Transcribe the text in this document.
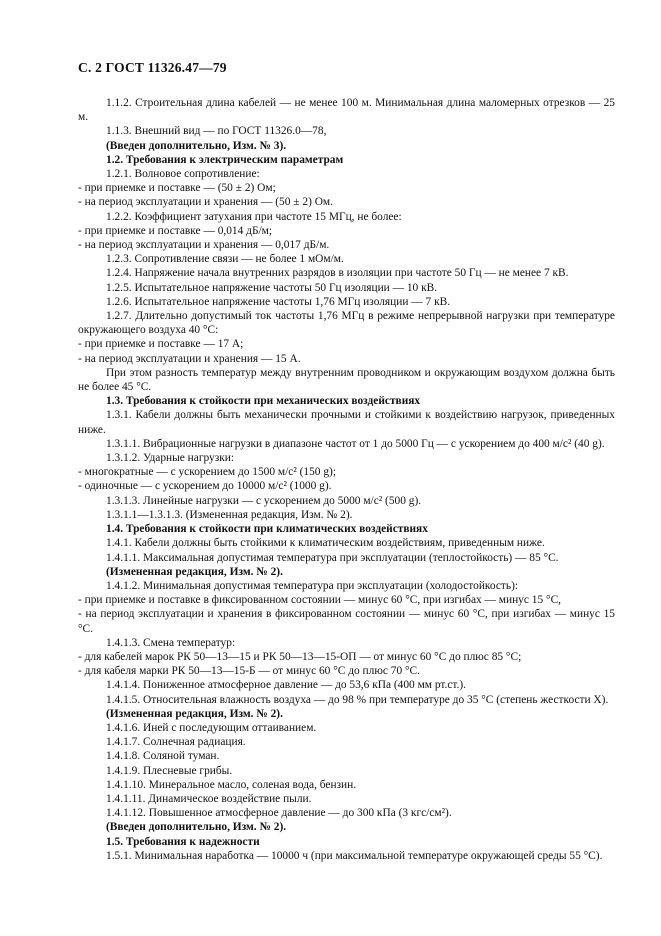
С. 2 ГОСТ 11326.47—79

1.1.2. Строительная длина кабелей — не менее 100 м. Минимальная длина маломерных отрезков — 25 м.

1.1.3. Внешний вид — по ГОСТ 11326.0—78,

(Введен дополнительно, Изм. № 3).

1.2. Требования к электрическим параметрам

1.2.1. Волновое сопротивление:

- при приемке и поставке — (50 ± 2) Ом;

- на период эксплуатации и хранения — (50 ± 2) Ом.

1.2.2. Коэффициент затухания при частоте 15 МГц, не более:

- при приемке и поставке — 0,014 дБ/м;

- на период эксплуатации и хранения — 0,017 дБ/м.

1.2.3. Сопротивление связи — не более 1 мОм/м.

1.2.4. Напряжение начала внутренних разрядов в изоляции при частоте 50 Гц — не менее 7 кВ.

1.2.5. Испытательное напряжение частоты 50 Гц изоляции — 10 кВ.

1.2.6. Испытательное напряжение частоты 1,76 МГц изоляции — 7 кВ.

1.2.7. Длительно допустимый ток частоты 1,76 МГц в режиме непрерывной нагрузки при температуре окружающего воздуха 40 °С:

- при приемке и поставке — 17 А;

- на период эксплуатации и хранения — 15 А.

При этом разность температур между внутренним проводником и окружающим воздухом должна быть не более 45 °С.

1.3. Требования к стойкости при механических воздействиях

1.3.1. Кабели должны быть механически прочными и стойкими к воздействию нагрузок, приведенных ниже.

1.3.1.1. Вибрационные нагрузки в диапазоне частот от 1 до 5000 Гц — с ускорением до 400 м/с² (40 g).

1.3.1.2. Ударные нагрузки:

- многократные — с ускорением до 1500 м/с² (150 g);

- одиночные — с ускорением до 10000 м/с² (1000 g).

1.3.1.3. Линейные нагрузки — с ускорением до 5000 м/с² (500 g).

1.3.1.1—1.3.1.3. (Измененная редакция, Изм. № 2).

1.4. Требования к стойкости при климатических воздействиях

1.4.1. Кабели должны быть стойкими к климатическим воздействиям, приведенным ниже.

1.4.1.1. Максимальная допустимая температура при эксплуатации (теплостойкость) — 85 °С.

(Измененная редакция, Изм. № 2).

1.4.1.2. Минимальная допустимая температура при эксплуатации (холодостойкость):

- при приемке и поставке в фиксированном состоянии — минус 60 °С, при изгибах — минус 15 °С,

- на период эксплуатации и хранения в фиксированном состоянии — минус 60 °С, при изгибах — минус 15 °С.

1.4.1.3. Смена температур:

- для кабелей марок РК 50—13—15 и РК 50—13—15-ОП — от минус 60 °С до плюс 85 °С;

- для кабеля марки РК 50—13—15-Б — от минус 60 °С до плюс 70 °С.

1.4.1.4. Пониженное атмосферное давление — до 53,6 кПа (400 мм рт.ст.).

1.4.1.5. Относительная влажность воздуха — до 98 % при температуре до 35 °С (степень жесткости X).

(Измененная редакция, Изм. № 2).

1.4.1.6. Иней с последующим оттаиванием.

1.4.1.7. Солнечная радиация.

1.4.1.8. Соляной туман.

1.4.1.9. Плесневые грибы.

1.4.1.10. Минеральное масло, соленая вода, бензин.

1.4.1.11. Динамическое воздействие пыли.

1.4.1.12. Повышенное атмосферное давление — до 300 кПа (3 кгс/см²).

(Введен дополнительно, Изм. № 2).

1.5. Требования к надежности

1.5.1. Минимальная наработка — 10000 ч (при максимальной температуре окружающей среды 55 °С).
